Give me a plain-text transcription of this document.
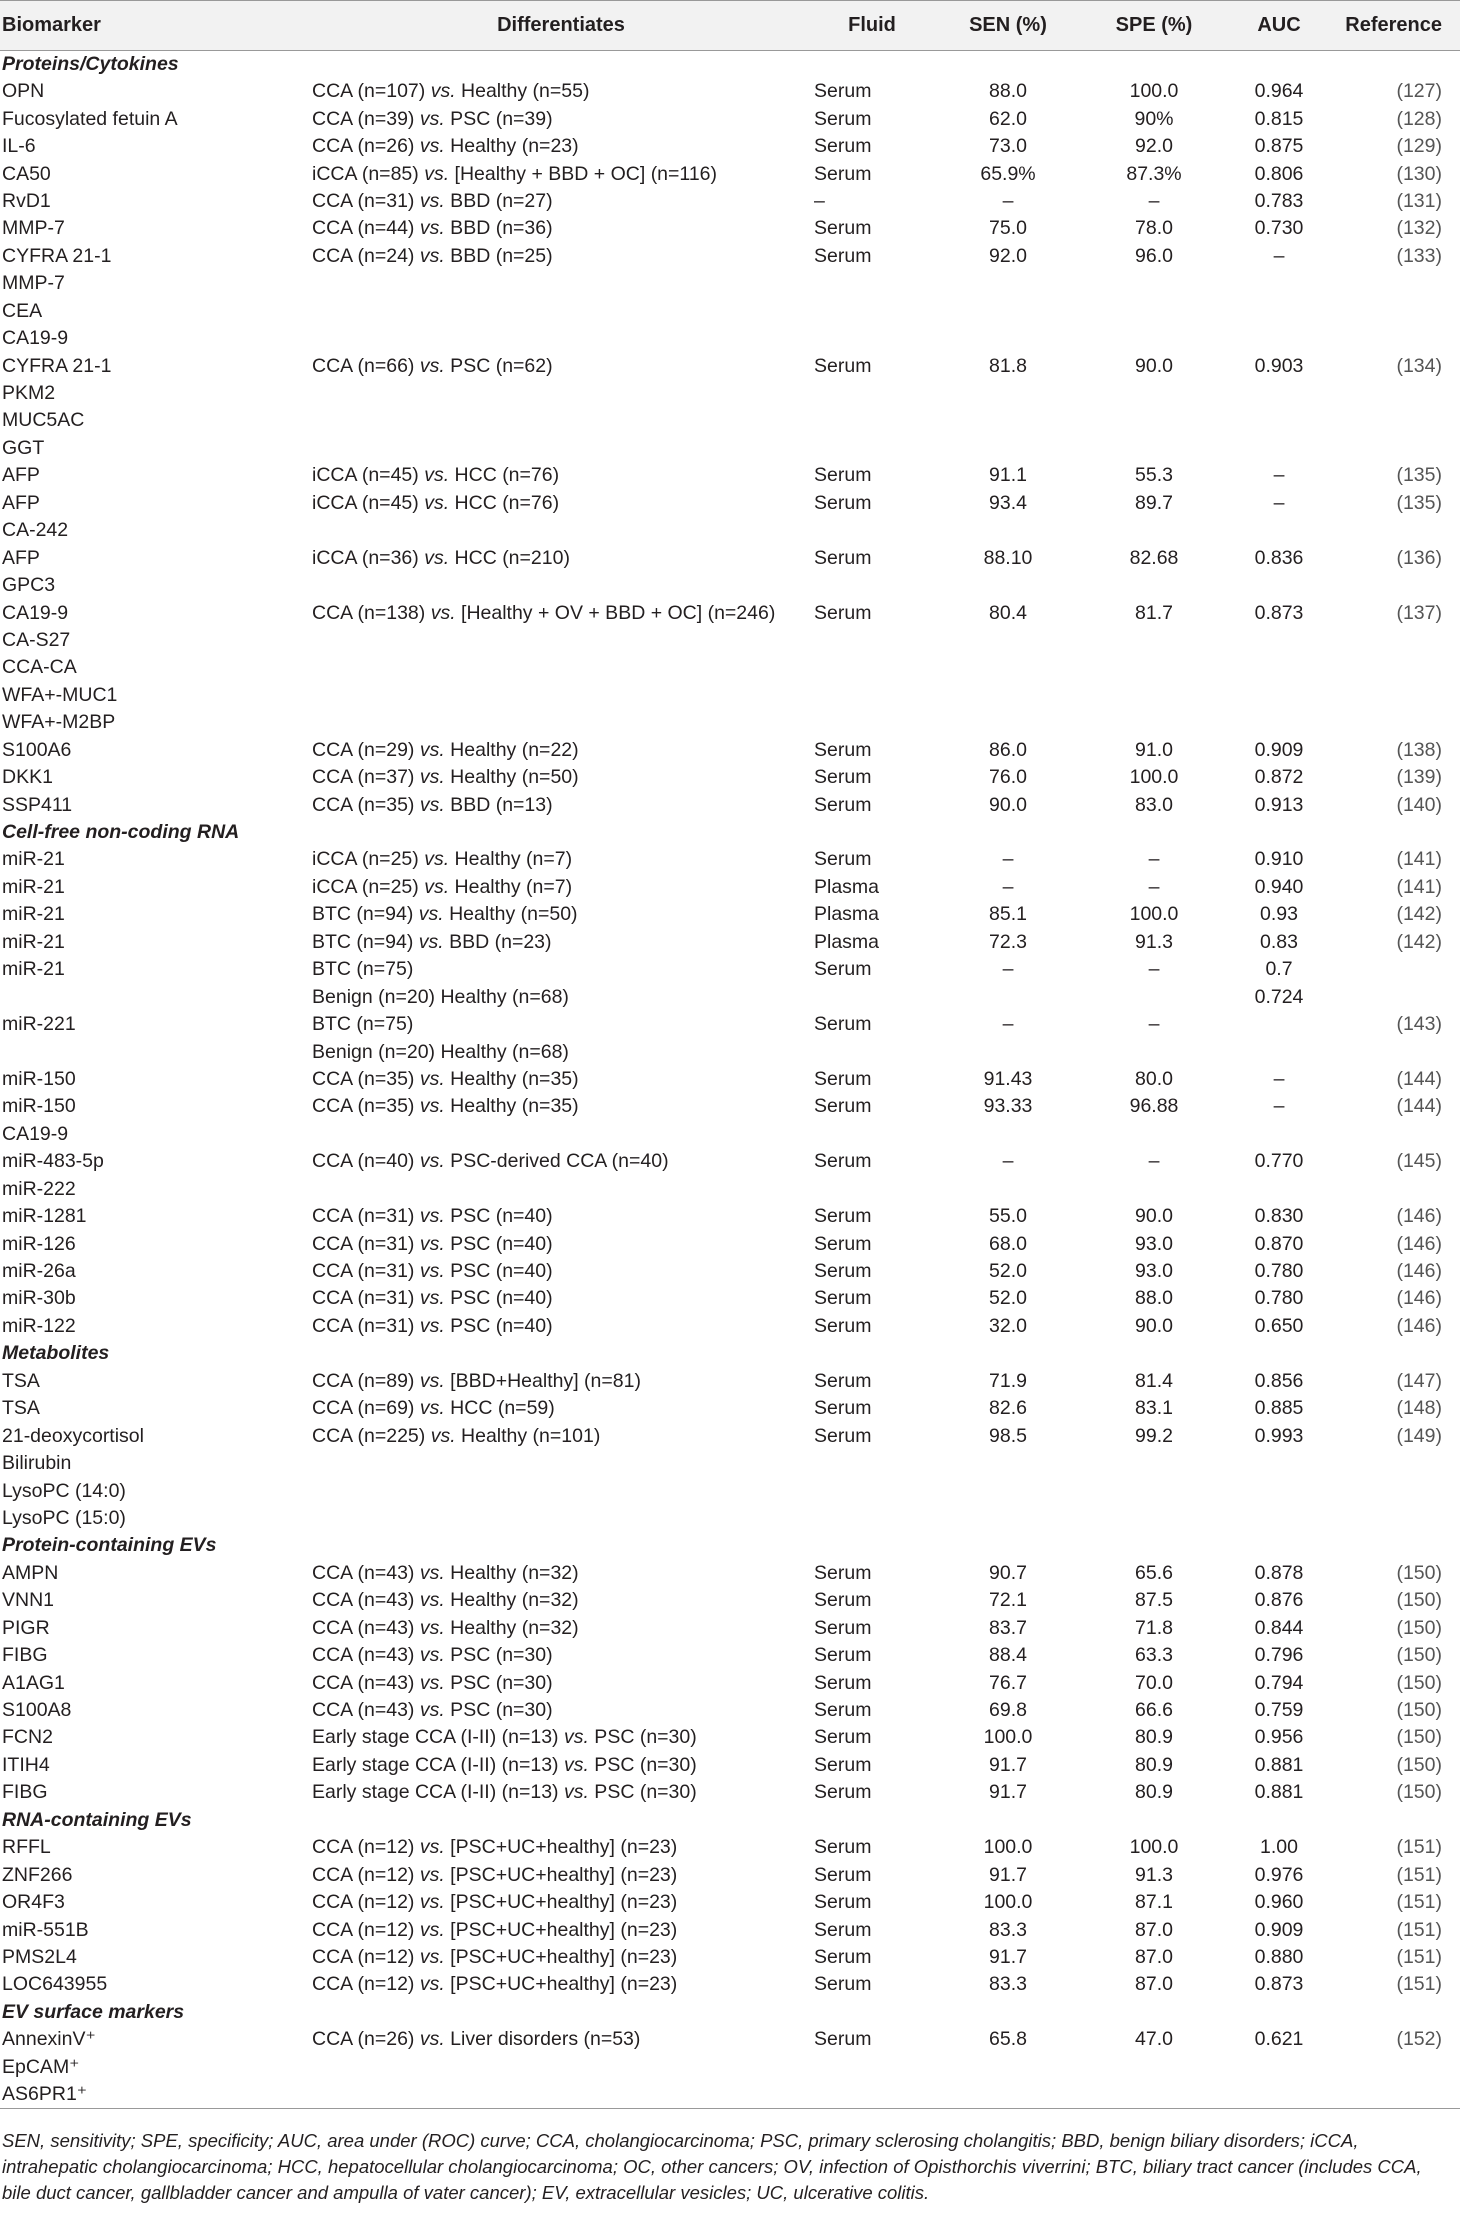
Biomarker	Differentiates	Fluid	SEN (%)	SPE (%)	AUC	Reference
Proteins/Cytokines						
OPN	CCA (n=107) vs. Healthy (n=55)	Serum	88.0	100.0	0.964	(127)
Fucosylated fetuin A	CCA (n=39) vs. PSC (n=39)	Serum	62.0	90%	0.815	(128)
IL-6	CCA (n=26) vs. Healthy (n=23)	Serum	73.0	92.0	0.875	(129)
CA50	iCCA (n=85) vs. [Healthy + BBD + OC] (n=116)	Serum	65.9%	87.3%	0.806	(130)
RvD1	CCA (n=31) vs. BBD (n=27)	–	–	–	0.783	(131)
MMP-7	CCA (n=44) vs. BBD (n=36)	Serum	75.0	78.0	0.730	(132)
CYFRA 21-1	CCA (n=24) vs. BBD (n=25)	Serum	92.0	96.0	–	(133)
MMP-7						
CEA						
CA19-9						
CYFRA 21-1	CCA (n=66) vs. PSC (n=62)	Serum	81.8	90.0	0.903	(134)
PKM2						
MUC5AC						
GGT						
AFP	iCCA (n=45) vs. HCC (n=76)	Serum	91.1	55.3	–	(135)
AFP	iCCA (n=45) vs. HCC (n=76)	Serum	93.4	89.7	–	(135)
CA-242						
AFP	iCCA (n=36) vs. HCC (n=210)	Serum	88.10	82.68	0.836	(136)
GPC3						
CA19-9	CCA (n=138) vs. [Healthy + OV + BBD + OC] (n=246)	Serum	80.4	81.7	0.873	(137)
CA-S27						
CCA-CA						
WFA+-MUC1						
WFA+-M2BP						
S100A6	CCA (n=29) vs. Healthy (n=22)	Serum	86.0	91.0	0.909	(138)
DKK1	CCA (n=37) vs. Healthy (n=50)	Serum	76.0	100.0	0.872	(139)
SSP411	CCA (n=35) vs. BBD (n=13)	Serum	90.0	83.0	0.913	(140)
Cell-free non-coding RNA						
miR-21	iCCA (n=25) vs. Healthy (n=7)	Serum	–	–	0.910	(141)
miR-21	iCCA (n=25) vs. Healthy (n=7)	Plasma	–	–	0.940	(141)
miR-21	BTC (n=94) vs. Healthy (n=50)	Plasma	85.1	100.0	0.93	(142)
miR-21	BTC (n=94) vs. BBD (n=23)	Plasma	72.3	91.3	0.83	(142)
miR-21	BTC (n=75)	Serum	–	–	0.7	
	Benign (n=20) Healthy (n=68)				0.724	
miR-221	BTC (n=75)	Serum	–	–		(143)
	Benign (n=20) Healthy (n=68)					
miR-150	CCA (n=35) vs. Healthy (n=35)	Serum	91.43	80.0	–	(144)
miR-150	CCA (n=35) vs. Healthy (n=35)	Serum	93.33	96.88	–	(144)
CA19-9						
miR-483-5p	CCA (n=40) vs. PSC-derived CCA (n=40)	Serum	–	–	0.770	(145)
miR-222						
miR-1281	CCA (n=31) vs. PSC (n=40)	Serum	55.0	90.0	0.830	(146)
miR-126	CCA (n=31) vs. PSC (n=40)	Serum	68.0	93.0	0.870	(146)
miR-26a	CCA (n=31) vs. PSC (n=40)	Serum	52.0	93.0	0.780	(146)
miR-30b	CCA (n=31) vs. PSC (n=40)	Serum	52.0	88.0	0.780	(146)
miR-122	CCA (n=31) vs. PSC (n=40)	Serum	32.0	90.0	0.650	(146)
Metabolites						
TSA	CCA (n=89) vs. [BBD+Healthy] (n=81)	Serum	71.9	81.4	0.856	(147)
TSA	CCA (n=69) vs. HCC (n=59)	Serum	82.6	83.1	0.885	(148)
21-deoxycortisol	CCA (n=225) vs. Healthy (n=101)	Serum	98.5	99.2	0.993	(149)
Bilirubin						
LysoPC (14:0)						
LysoPC (15:0)						
Protein-containing EVs						
AMPN	CCA (n=43) vs. Healthy (n=32)	Serum	90.7	65.6	0.878	(150)
VNN1	CCA (n=43) vs. Healthy (n=32)	Serum	72.1	87.5	0.876	(150)
PIGR	CCA (n=43) vs. Healthy (n=32)	Serum	83.7	71.8	0.844	(150)
FIBG	CCA (n=43) vs. PSC (n=30)	Serum	88.4	63.3	0.796	(150)
A1AG1	CCA (n=43) vs. PSC (n=30)	Serum	76.7	70.0	0.794	(150)
S100A8	CCA (n=43) vs. PSC (n=30)	Serum	69.8	66.6	0.759	(150)
FCN2	Early stage CCA (I-II) (n=13) vs. PSC (n=30)	Serum	100.0	80.9	0.956	(150)
ITIH4	Early stage CCA (I-II) (n=13) vs. PSC (n=30)	Serum	91.7	80.9	0.881	(150)
FIBG	Early stage CCA (I-II) (n=13) vs. PSC (n=30)	Serum	91.7	80.9	0.881	(150)
RNA-containing EVs						
RFFL	CCA (n=12) vs. [PSC+UC+healthy] (n=23)	Serum	100.0	100.0	1.00	(151)
ZNF266	CCA (n=12) vs. [PSC+UC+healthy] (n=23)	Serum	91.7	91.3	0.976	(151)
OR4F3	CCA (n=12) vs. [PSC+UC+healthy] (n=23)	Serum	100.0	87.1	0.960	(151)
miR-551B	CCA (n=12) vs. [PSC+UC+healthy] (n=23)	Serum	83.3	87.0	0.909	(151)
PMS2L4	CCA (n=12) vs. [PSC+UC+healthy] (n=23)	Serum	91.7	87.0	0.880	(151)
LOC643955	CCA (n=12) vs. [PSC+UC+healthy] (n=23)	Serum	83.3	87.0	0.873	(151)
EV surface markers						
AnnexinV⁺	CCA (n=26) vs. Liver disorders (n=53)	Serum	65.8	47.0	0.621	(152)
EpCAM⁺						
AS6PR1⁺						
SEN, sensitivity; SPE, specificity; AUC, area under (ROC) curve; CCA, cholangiocarcinoma; PSC, primary sclerosing cholangitis; BBD, benign biliary disorders; iCCA, intrahepatic cholangiocarcinoma; HCC, hepatocellular cholangiocarcinoma; OC, other cancers; OV, infection of Opisthorchis viverrini; BTC, biliary tract cancer (includes CCA, bile duct cancer, gallbladder cancer and ampulla of vater cancer); EV, extracellular vesicles; UC, ulcerative colitis.
